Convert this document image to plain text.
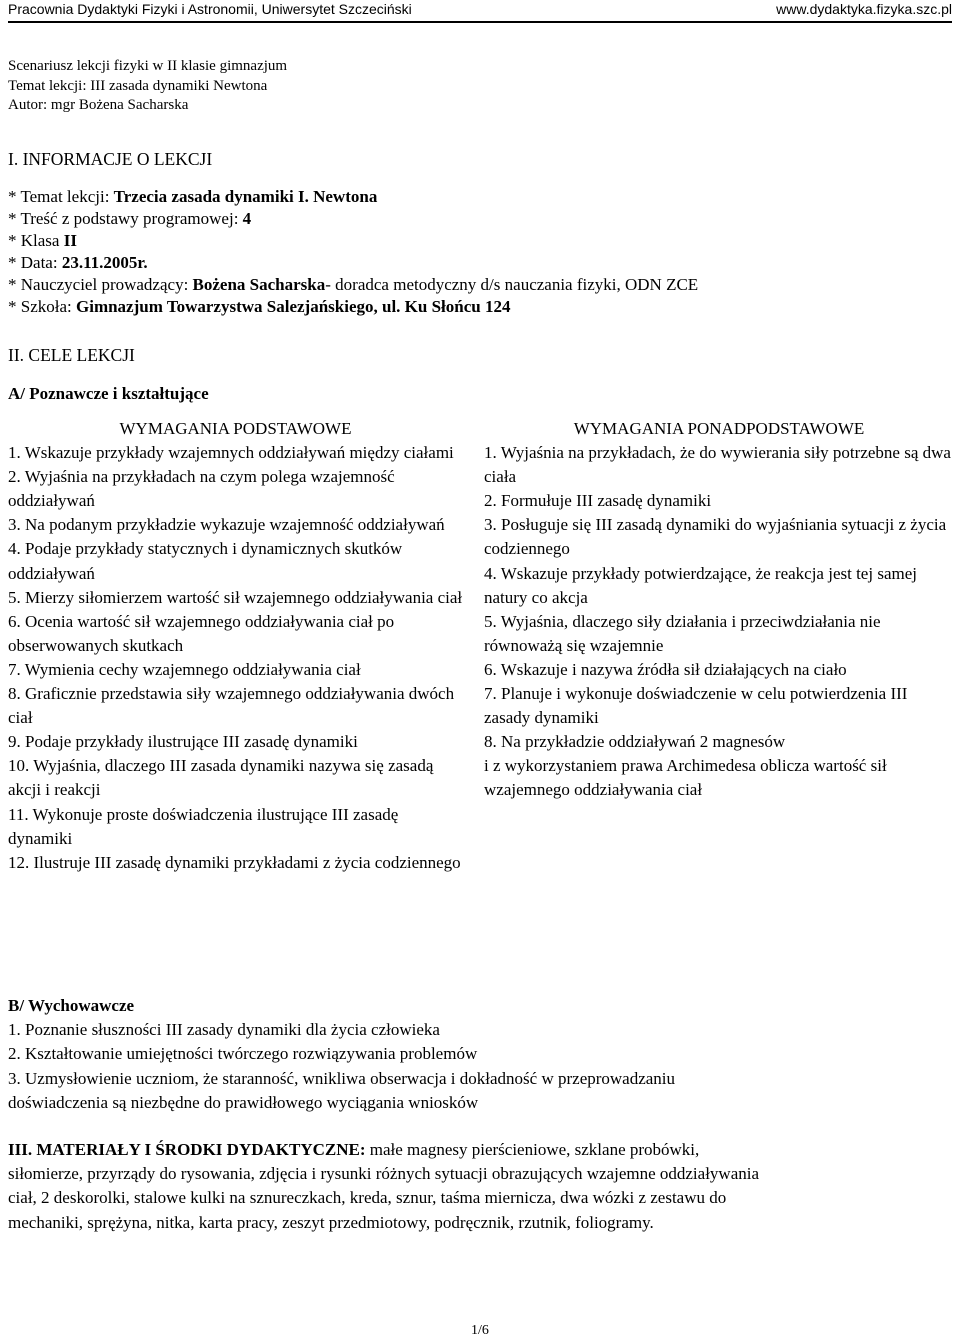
Pracownia Dydaktyki Fizyki i Astronomii, Uniwersytet Szczeciński	www.dydaktyka.fizyka.szc.pl
Scenariusz lekcji fizyki w II klasie gimnazjum
Temat lekcji: III zasada dynamiki Newtona
Autor: mgr Bożena Sacharska
I. INFORMACJE O LEKCJI
* Temat lekcji: Trzecia zasada dynamiki I. Newtona
* Treść z podstawy programowej: 4
* Klasa II
* Data: 23.11.2005r.
* Nauczyciel prowadzący: Bożena Sacharska- doradca metodyczny d/s nauczania fizyki, ODN ZCE
* Szkoła: Gimnazjum Towarzystwa Salezjańskiego, ul. Ku Słońcu 124
II. CELE LEKCJI
A/ Poznawcze i kształtujące
WYMAGANIA PODSTAWOWE
1. Wskazuje przykłady wzajemnych oddziaływań między ciałami
2. Wyjaśnia na przykładach na czym polega wzajemność oddziaływań
3. Na podanym przykładzie wykazuje wzajemność oddziaływań
4. Podaje przykłady statycznych i dynamicznych skutków oddziaływań
5. Mierzy siłomierzem wartość sił wzajemnego oddziaływania ciał
6. Ocenia wartość sił wzajemnego oddziaływania ciał po obserwowanych skutkach
7. Wymienia cechy wzajemnego oddziaływania ciał
8. Graficznie przedstawia siły wzajemnego oddziaływania dwóch ciał
9. Podaje przykłady ilustrujące III zasadę dynamiki
10. Wyjaśnia, dlaczego III zasada dynamiki nazywa się zasadą akcji i reakcji
11. Wykonuje proste doświadczenia ilustrujące III zasadę dynamiki
12. Ilustruje III zasadę dynamiki przykładami z życia codziennego
WYMAGANIA PONADPODSTAWOWE
1. Wyjaśnia na przykładach, że do wywierania siły potrzebne są dwa ciała
2. Formułuje III zasadę dynamiki
3. Posługuje się III zasadą dynamiki do wyjaśniania sytuacji z życia codziennego
4. Wskazuje przykłady potwierdzające, że reakcja jest tej samej natury co akcja
5. Wyjaśnia, dlaczego siły działania i przeciwdziałania nie równoważą się wzajemnie
6. Wskazuje i nazywa źródła sił działających na ciało
7. Planuje i wykonuje doświadczenie w celu potwierdzenia III zasady dynamiki
8. Na przykładzie oddziaływań 2 magnesów
i z wykorzystaniem prawa Archimedesa oblicza wartość sił wzajemnego oddziaływania ciał
B/ Wychowawcze
1. Poznanie słuszności III zasady dynamiki dla życia człowieka
2. Kształtowanie umiejętności twórczego rozwiązywania problemów
3. Uzmysłowienie uczniom, że staranność, wnikliwa obserwacja i dokładność w przeprowadzaniu
doświadczenia są niezbędne do prawidłowego wyciągania wniosków
III. MATERIAŁY I ŚRODKI DYDAKTYCZNE: małe magnesy pierścieniowe, szklane probówki,
siłomierze, przyrządy do rysowania, zdjęcia i rysunki różnych sytuacji obrazujących wzajemne oddziaływania
ciał, 2 deskorolki, stalowe kulki na sznureczkach, kreda, sznur, taśma miernicza, dwa wózki z zestawu do
mechaniki, sprężyna, nitka, karta pracy, zeszyt przedmiotowy, podręcznik, rzutnik, foliogramy.
1/6
